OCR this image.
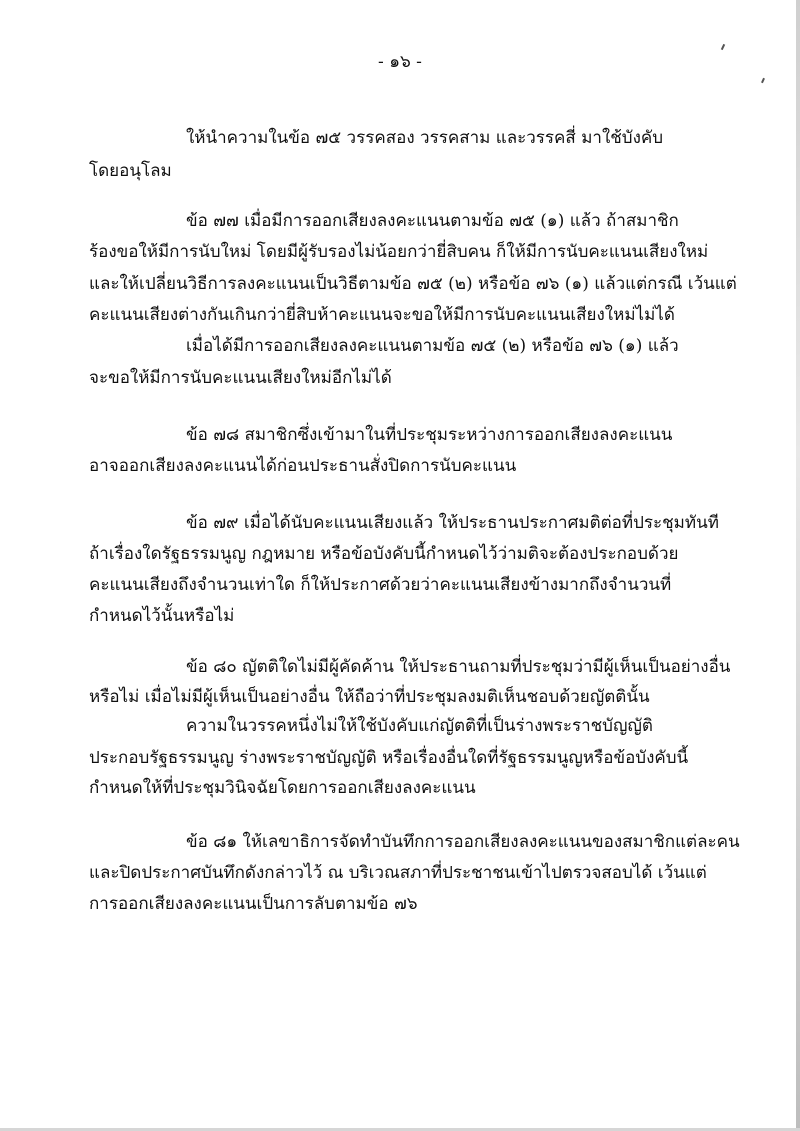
- ๑๖ -
ให้นำความในข้อ ๗๕ วรรคสอง วรรคสาม และวรรคสี่ มาใช้บังคับ
โดยอนุโลม
ข้อ ๗๗ เมื่อมีการออกเสียงลงคะแนนตามข้อ ๗๕ (๑) แล้ว ถ้าสมาชิก
ร้องขอให้มีการนับใหม่ โดยมีผู้รับรองไม่น้อยกว่ายี่สิบคน ก็ให้มีการนับคะแนนเสียงใหม่
และให้เปลี่ยนวิธีการลงคะแนนเป็นวิธีตามข้อ ๗๕ (๒) หรือข้อ ๗๖ (๑) แล้วแต่กรณี เว้นแต่
คะแนนเสียงต่างกันเกินกว่ายี่สิบห้าคะแนนจะขอให้มีการนับคะแนนเสียงใหม่ไม่ได้
เมื่อได้มีการออกเสียงลงคะแนนตามข้อ ๗๕ (๒) หรือข้อ ๗๖ (๑) แล้ว
จะขอให้มีการนับคะแนนเสียงใหม่อีกไม่ได้
ข้อ ๗๘ สมาชิกซึ่งเข้ามาในที่ประชุมระหว่างการออกเสียงลงคะแนน
อาจออกเสียงลงคะแนนได้ก่อนประธานสั่งปิดการนับคะแนน
ข้อ ๗๙ เมื่อได้นับคะแนนเสียงแล้ว ให้ประธานประกาศมติต่อที่ประชุมทันที
ถ้าเรื่องใดรัฐธรรมนูญ กฎหมาย หรือข้อบังคับนี้กำหนดไว้ว่ามติจะต้องประกอบด้วย
คะแนนเสียงถึงจำนวนเท่าใด ก็ให้ประกาศด้วยว่าคะแนนเสียงข้างมากถึงจำนวนที่
กำหนดไว้นั้นหรือไม่
ข้อ ๘๐ ญัตติใดไม่มีผู้คัดค้าน ให้ประธานถามที่ประชุมว่ามีผู้เห็นเป็นอย่างอื่น
หรือไม่ เมื่อไม่มีผู้เห็นเป็นอย่างอื่น ให้ถือว่าที่ประชุมลงมติเห็นชอบด้วยญัตตินั้น
ความในวรรคหนึ่งไม่ให้ใช้บังคับแก่ญัตติที่เป็นร่างพระราชบัญญัติ
ประกอบรัฐธรรมนูญ ร่างพระราชบัญญัติ หรือเรื่องอื่นใดที่รัฐธรรมนูญหรือข้อบังคับนี้
กำหนดให้ที่ประชุมวินิจฉัยโดยการออกเสียงลงคะแนน
ข้อ ๘๑ ให้เลขาธิการจัดทำบันทึกการออกเสียงลงคะแนนของสมาชิกแต่ละคน
และปิดประกาศบันทึกดังกล่าวไว้ ณ บริเวณสภาที่ประชาชนเข้าไปตรวจสอบได้ เว้นแต่
การออกเสียงลงคะแนนเป็นการลับตามข้อ ๗๖
